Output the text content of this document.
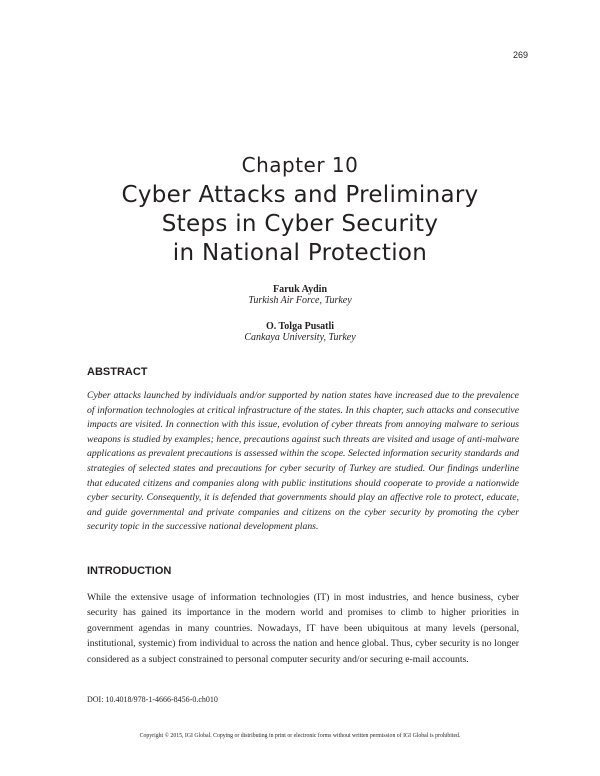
269
Chapter 10
Cyber Attacks and Preliminary
Steps in Cyber Security
in National Protection
Faruk Aydin
Turkish Air Force, Turkey
O. Tolga Pusatli
Cankaya University, Turkey
ABSTRACT
Cyber attacks launched by individuals and/or supported by nation states have increased due to the prevalence of information technologies at critical infrastructure of the states. In this chapter, such attacks and consecutive impacts are visited. In connection with this issue, evolution of cyber threats from annoying malware to serious weapons is studied by examples; hence, precautions against such threats are visited and usage of anti-malware applications as prevalent precautions is assessed within the scope. Selected information security standards and strategies of selected states and precautions for cyber security of Turkey are studied. Our findings underline that educated citizens and companies along with public institutions should cooperate to provide a nationwide cyber security. Consequently, it is defended that governments should play an affective role to protect, educate, and guide governmental and private companies and citizens on the cyber security by promoting the cyber security topic in the successive national development plans.
INTRODUCTION
While the extensive usage of information technologies (IT) in most industries, and hence business, cyber security has gained its importance in the modern world and promises to climb to higher priorities in government agendas in many countries. Nowadays, IT have been ubiquitous at many levels (personal, institutional, systemic) from individual to across the nation and hence global. Thus, cyber security is no longer considered as a subject constrained to personal computer security and/or securing e-mail accounts.
DOI: 10.4018/978-1-4666-8456-0.ch010
Copyright © 2015, IGI Global. Copying or distributing in print or electronic forms without written permission of IGI Global is prohibited.
